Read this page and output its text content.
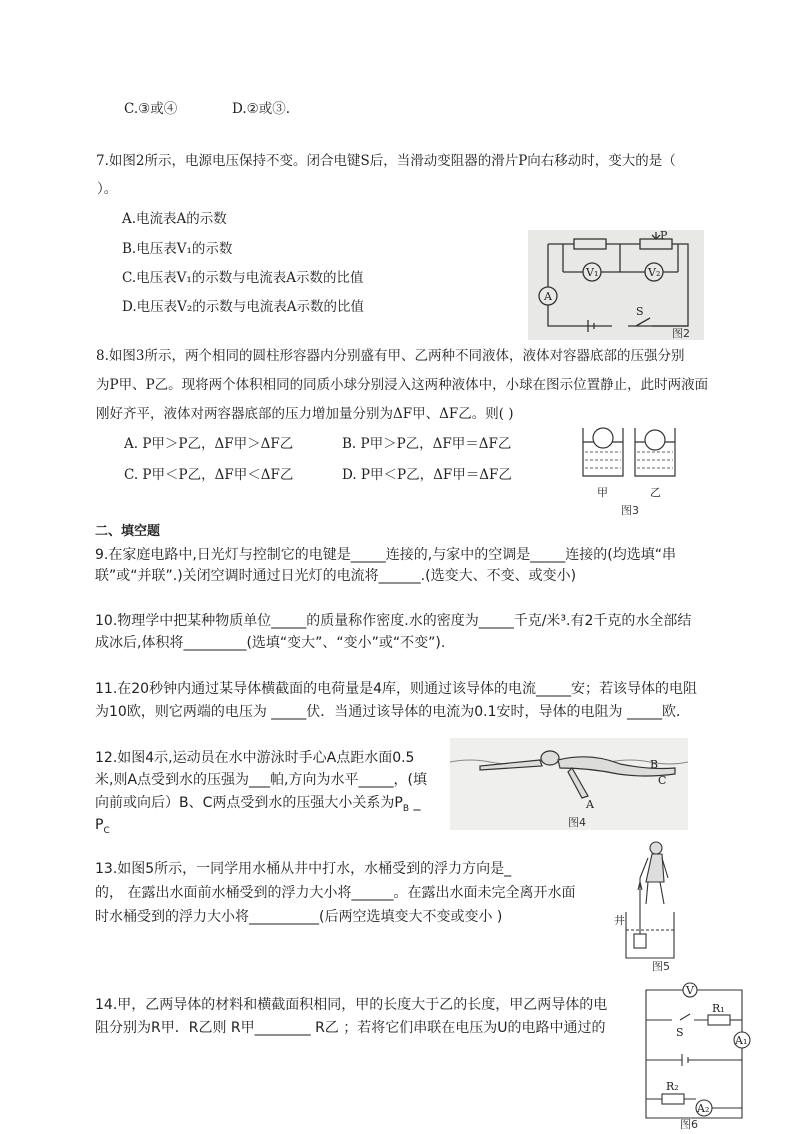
C.③或④	D.②或③.
7.如图2所示，电源电压保持不变。闭合电键S后，当滑动变阻器的滑片P向右移动时，变大的是（
）。
A.电流表A的示数
B.电压表V₁的示数
C.电压表V₁的示数与电流表A示数的比值
D.电压表V₂的示数与电流表A示数的比值
P
V₁	V₂
A
S
图2
8.如图3所示，两个相同的圆柱形容器内分别盛有甲、乙两种不同液体，液体对容器底部的压强分别
为P甲、P乙。现将两个体积相同的同质小球分别浸入这两种液体中，小球在图示位置静止，此时两液面
刚好齐平，液体对两容器底部的压力增加量分别为ΔF甲、ΔF乙。则( )
A. P甲＞P乙，ΔF甲＞ΔF乙	B. P甲＞P乙，ΔF甲＝ΔF乙
C. P甲＜P乙，ΔF甲＜ΔF乙	D. P甲＜P乙，ΔF甲＝ΔF乙
甲	乙
图3
二、填空题
9.在家庭电路中,日光灯与控制它的电键是_____连接的,与家中的空调是_____连接的(均选填“串
联”或“并联”.)关闭空调时通过日光灯的电流将______.(选变大、不变、或变小)
10.物理学中把某种物质单位_____的质量称作密度.水的密度为_____千克/米³.有2千克的水全部结
成冰后,体积将_________(选填“变大”、“变小”或“不变”).
11.在20秒钟内通过某导体横截面的电荷量是4库，则通过该导体的电流_____安；若该导体的电阻
为10欧，则它两端的电压为 _____伏．当通过该导体的电流为0.1安时，导体的电阻为 _____欧．
12.如图4示,运动员在水中游泳时手心A点距水面0.5
米,则A点受到水的压强为___帕,方向为水平_____，(填
向前或向后）B、C两点受到水的压强大小关系为$P_B$ _
$P_C$
A
B
C
图4
13.如图5所示，一同学用水桶从井中打水，水桶受到的浮力方向是_
的， 在露出水面前水桶受到的浮力大小将______。在露出水面未完全离开水面
时水桶受到的浮力大小将__________(后两空选填变大不变或变小 )	井
图5
14.甲，乙两导体的材料和横截面积相同，甲的长度大于乙的长度，甲乙两导体的电
阻分别为R甲．R乙则 R甲________ R乙 ；若将它们串联在电压为U的电路中通过的
V
R₁
S
A₁
R₂
A₂
图6
